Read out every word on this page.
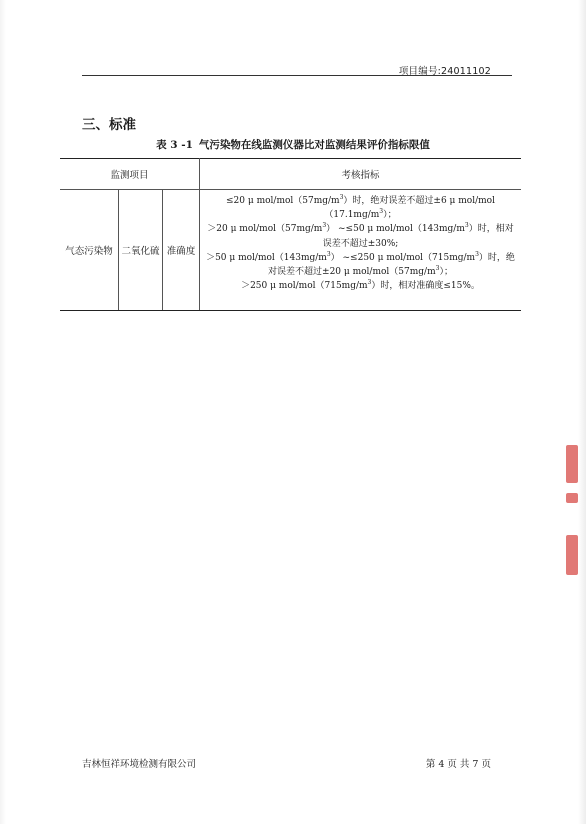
项目编号:24011102
三、标准
表 3 -1 气污染物在线监测仪器比对监测结果评价指标限值
监测项目	考核指标
气态污染物 二氧化硫 准确度
≤20 μ mol/$mol(57mg/m^3)$时，绝对误差不超过±6 μ mol/mol
$(17.1mg/m^3)$；
＞20 μ mol/$mol(57mg/m^3)$ ~≤50 μ mol/$mol(143mg/m^3)$时，相对
误差不超过±30%;
＞50 μ mol/$mol(143mg/m^3)$ ~≤250 μ mol/$mol(715mg/m^3)$时，绝
对误差不超过±20 μ mol/$mol(57mg/m^3)$；
＞250 μ mol/$mol(715mg/m^3)$时，相对准确度≤15%。
吉林恒祥环境检测有限公司	第 4 页 共 7 页
